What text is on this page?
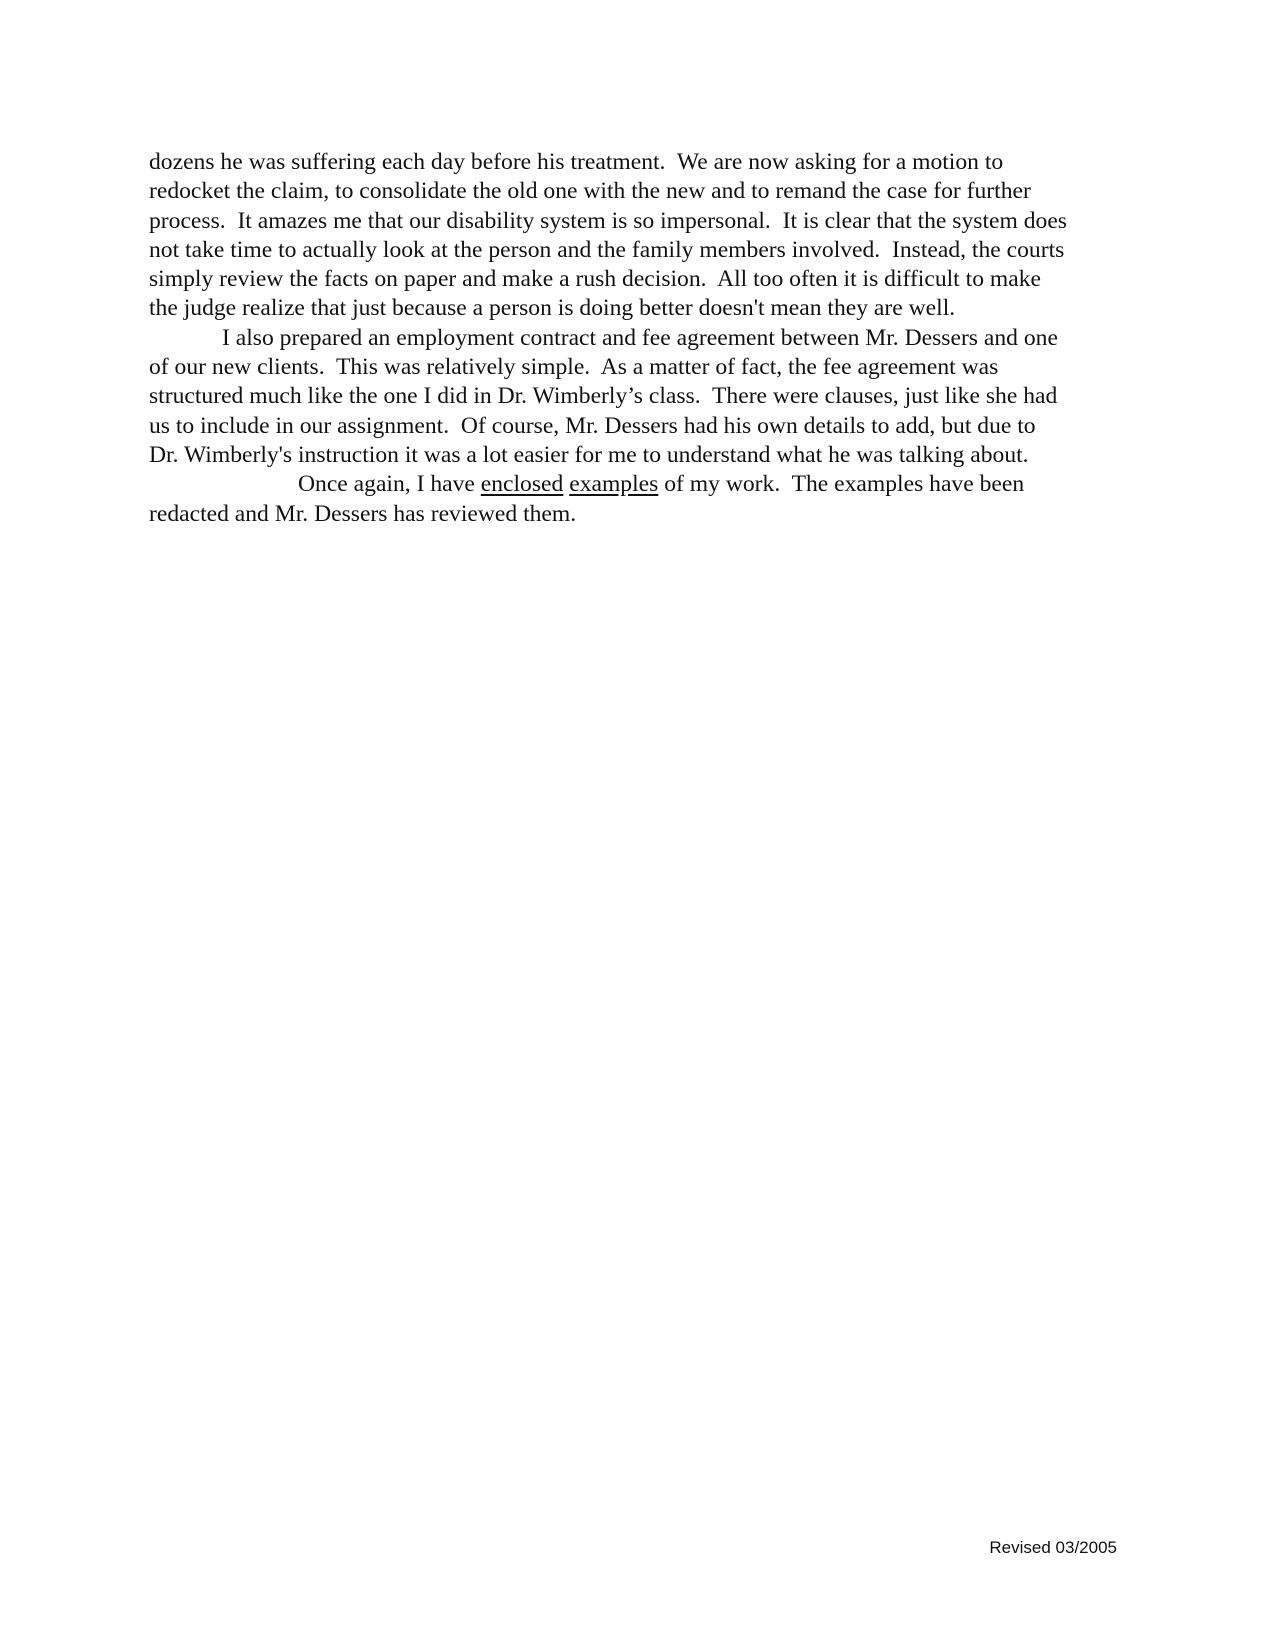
dozens he was suffering each day before his treatment.  We are now asking for a motion to
redocket the claim, to consolidate the old one with the new and to remand the case for further
process.  It amazes me that our disability system is so impersonal.  It is clear that the system does
not take time to actually look at the person and the family members involved.  Instead, the courts
simply review the facts on paper and make a rush decision.  All too often it is difficult to make
the judge realize that just because a person is doing better doesn't mean they are well.
I also prepared an employment contract and fee agreement between Mr. Dessers and one
of our new clients.  This was relatively simple.  As a matter of fact, the fee agreement was
structured much like the one I did in Dr. Wimberly’s class.  There were clauses, just like she had
us to include in our assignment.  Of course, Mr. Dessers had his own details to add, but due to
Dr. Wimberly's instruction it was a lot easier for me to understand what he was talking about.
Once again, I have enclosed examples of my work.  The examples have been
redacted and Mr. Dessers has reviewed them.
Revised 03/2005
